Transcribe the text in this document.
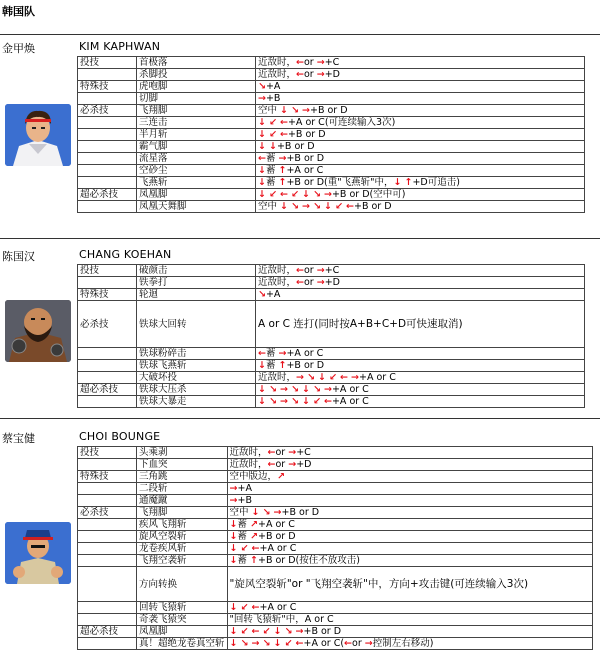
韩国队
金甲焕	KIM KAPHWAN
投技	首极落	近敌时，←or →+C
	杀脚投	近敌时，←or →+D
特殊技	虎咆脚	↘+A
	切脚	→+B
必杀技	飞翔脚	空中 ↓ ↘ →+B or D
	三连击	↓ ↙ ←+A or C(可连续输入3次)
	半月斩	↓ ↙ ←+B or D
	霸气脚	↓ ↓+B or D
	流星落	←蓄 →+B or D
	空砂尘	↓蓄 ↑+A or C
	飞燕斩	↓蓄 ↑+B or D(重"飞燕斩"中，↓ ↑+D可追击)
超必杀技	凤凰脚	↓ ↙ ← ↙ ↓ ↘ →+B or D(空中可)
	凤凰天舞脚	空中 ↓ ↘ → ↘ ↓ ↙ ←+B or D
陈国汉	CHANG KOEHAN
投技	破颜击	近敌时，←or →+C
	铁拳打	近敌时，←or →+D
特殊技	轮迴	↘+A
必杀技	铁球大回转	A or C 连打(同时按A+B+C+D可快速取消)
	铁球粉碎击	←蓄 →+A or C
	铁球飞燕斩	↓蓄 ↑+B or D
	大破坏投	近敌时，→ ↘ ↓ ↙ ← →+A or C
超必杀技	铁球大压杀	↓ ↘ → ↘ ↓ ↘ →+A or C
	铁球大暴走	↓ ↘ → ↘ ↓ ↙ ←+A or C
蔡宝健	CHOI BOUNGE
投技	头乘剥	近敌时，←or →+C
	下血突	近敌时，←or →+D
特殊技	三角跳	空中版边，↗
	二段斩	→+A
	通魔蹴	→+B
必杀技	飞翔脚	空中 ↓ ↘ →+B or D
	疾风飞翔斩	↓蓄 ↗+A or C
	旋风空裂斩	↓蓄 ↗+B or D
	龙卷疾风斩	↓ ↙ ←+A or C
	飞翔空袭斩	↓蓄 ↑+B or D(按住不放攻击)
	方向转换	"旋风空裂斩"or "飞翔空袭斩"中，方向+攻击键(可连续输入3次)
	回转飞猿斩	↓ ↙ ←+A or C
	奇袭飞猿突	"回转飞猿斩"中，A or C
超必杀技	凤凰脚	↓ ↙ ← ↙ ↓ ↘ →+B or D
	真！超绝龙卷真空斩	↓ ↘ → ↘ ↓ ↙ ←+A or C(←or →控制左右移动)
